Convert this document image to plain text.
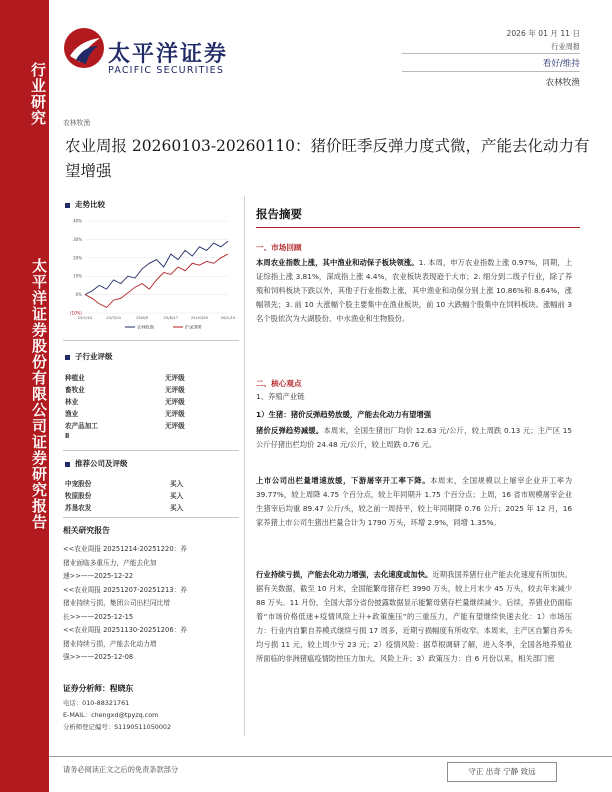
行业研究
太平洋证券股份有限公司证券研究报告
太平洋证券
PACIFIC SECURITIES
2026 年 01 月 11 日
行业周报
看好/维持
农林牧渔
农林牧渔
农业周报 20260103-20260110：猪价旺季反弹力度式微，产能去化动力有望增强
走势比较
(10%)
0%
10%
20%
30%
40%
25/1/10	25/3/24	25/6/5	25/8/17	25/10/29	26/1/10
农林牧渔	沪深300
子行业评级
种植业	无评级
畜牧业	无评级
林业	无评级
渔业	无评级
农产品加工	无评级
Ⅱ
推荐公司及评级
中宠股份	买入
牧原股份	买入
苏垦农发	买入
相关研究报告
<<农业周报 20251214-20251220：养
猪业面临多重压力，产能去化加
速>>——2025-12-22
<<农业周报 20251207-20251213：养
猪业持续亏损，集团公司出栏同比增
长>>——2025-12-15
<<农业周报 20251130-20251206：养
猪业持续亏损，产能去化动力增
强>>——2025-12-08
证券分析师：程晓东
电话：010-88321761
E-MAIL：chengxd@tpyzq.com
分析师登记编号：S1190511050002
报告摘要
一、市场回顾
本周农业指数上涨，其中渔业和动保子板块领涨。1. 本周，申万农业指数上涨 0.97%，同期，上证综指上涨 3.81%，深成指上涨 4.4%，农业板块表现逊于大市；2. 细分到二级子行业，除了养殖和饲料板块下跌以外，其他子行业指数上涨，其中渔业和动保分别上涨 10.86%和 8.64%，涨幅领先；3. 前 10 大涨幅个股主要集中在渔业板块，前 10 大跌幅个股集中在饲料板块。涨幅前 3 名个股依次为大湖股份、中水渔业和生物股份。
二、核心观点
1、养殖产业链
1）生猪：猪价反弹趋势放缓，产能去化动力有望增强
猪价反弹趋势减缓。本周末，全国生猪出厂均价 12.63 元/公斤，较上周跌 0.13 元；主产区 15 公斤仔猪出栏均价 24.48 元/公斤，较上周跌 0.76 元。
上市公司出栏量增速放缓，下游屠宰开工率下降。本周末，全国规模以上屠宰企业开工率为 39.77%，较上周降 4.75 个百分点，较上年同期升 1.75 个百分点；上周，16 省市规模屠宰企业生猪宰后均重 89.47 公斤/头，较之前一周持平，较上年同期降 0.76 公斤；2025 年 12 月，16 家养猪上市公司生猪出栏量合计为 1790 万头，环增 2.9%，同增 1.35%。
行业持续亏损，产能去化动力增强，去化速度或加快。近期我国养猪行业产能去化速度有所加快。据有关数据，截至 10 月末，全国能繁母猪存栏 3990 万头，较上月末少 45 万头，较去年末减少 88 万头。11 月份，全国大部分省份披露数据显示能繁母猪存栏量继续减少。后续，养猪业仍面临着“市场价格低迷+疫情风险上升+政策施压”的三重压力，产能有望继续快速去化：1）市场压力：行业内自繁自养模式继续亏损 17 周多，近期亏损幅度有所收窄。本周末，主产区自繁自养头均亏损 11 元，较上周少亏 23 元；2）疫情风险：据草根调研了解，进入冬季，全国各地养殖业所面临的非洲猪瘟疫情防控压力加大，风险上升；3）政策压力：自 6 月份以来，相关部门密
请务必阅读正文之后的免责条款部分	守正 出奇 宁静 致远
